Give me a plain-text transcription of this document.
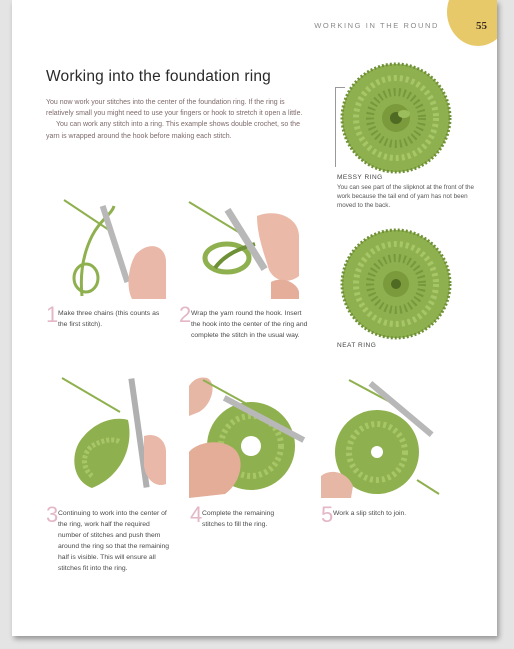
55
WORKING IN THE ROUND
Working into the foundation ring

You now work your stitches into the center of the foundation ring. If the ring is relatively small you might need to use your fingers or hook to stretch it open a little.

You can work any stitch into a ring. This example shows double crochet, so the yarn is wrapped around the hook before making each stitch.

MESSY RING
You can see part of the slipknot at the front of the work because the tail end of yarn has not been moved to the back.
NEAT RING
1 Make three chains (this counts as the first stitch).	2 Wrap the yarn round the hook. Insert the hook into the center of the ring and complete the stitch in the usual way.
3 Continuing to work into the center of the ring, work half the required number of stitches and push them around the ring so that the remaining half is visible. This will ensure all stitches fit into the ring.
4 Complete the remaining stitches to fill the ring.	5 Work a slip stitch to join.
